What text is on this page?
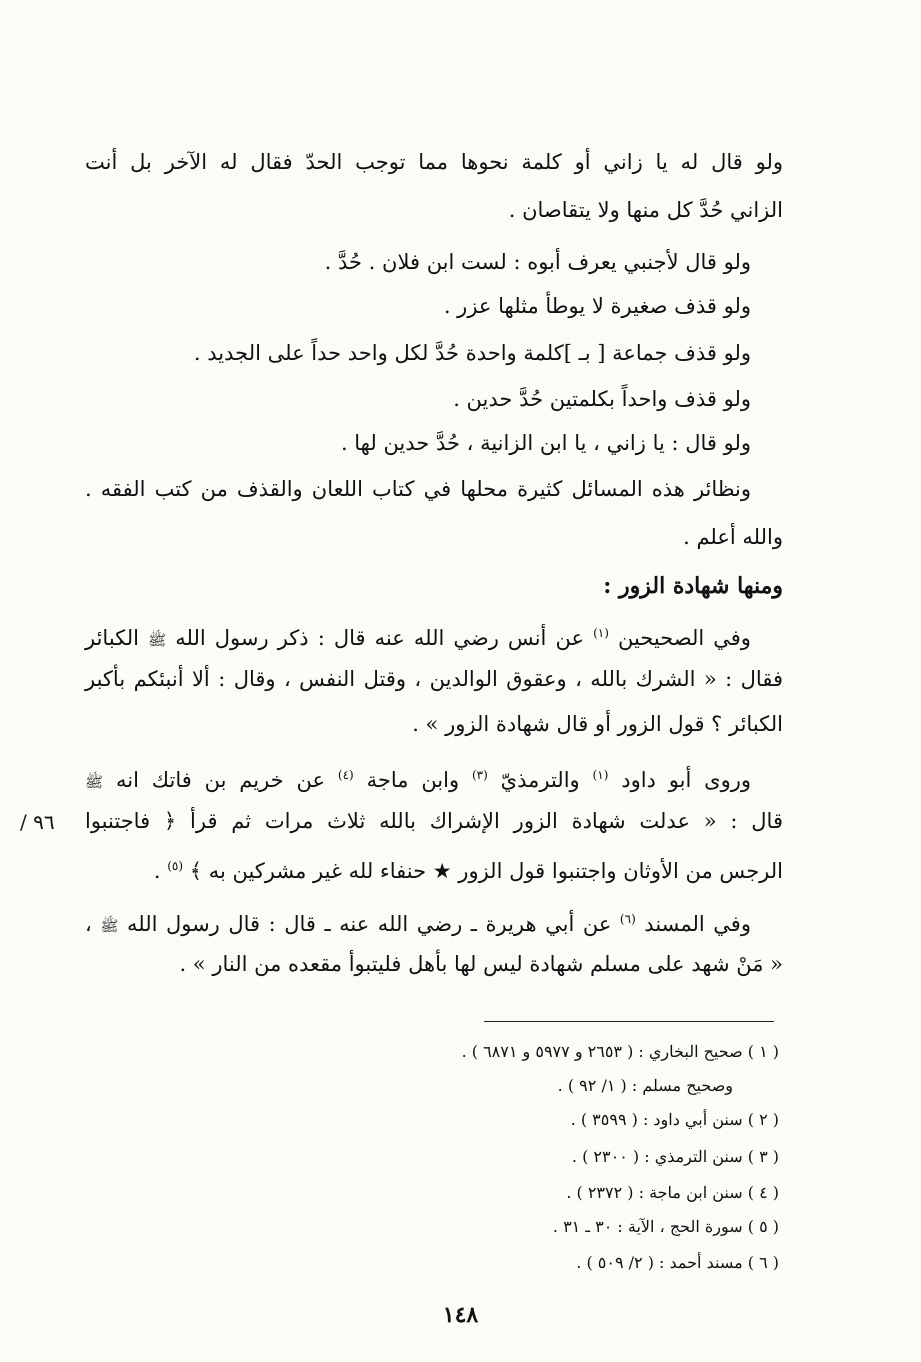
ولو قال له يا زاني أو كلمة نحوها مما توجب الحدّ فقال له الآخر بل أنت
الزاني حُدَّ كل منها ولا يتقاصان .
ولو قال لأجنبي يعرف أبوه : لست ابن فلان . حُدَّ .
ولو قذف صغيرة لا يوطأ مثلها عزر .
ولو قذف جماعة [ بـ ]كلمة واحدة حُدَّ لكل واحد حداً على الجديد .
ولو قذف واحداً بكلمتين حُدَّ حدين .
ولو قال : يا زاني ، يا ابن الزانية ، حُدَّ حدين لها .
ونظائر هذه المسائل كثيرة محلها في كتاب اللعان والقذف من كتب الفقه .
والله أعلم .
ومنها شهادة الزور :
وفي الصحيحين $^{(١)}$ عن أنس رضي الله عنه قال : ذكر رسول الله ﷺ الكبائر
فقال : « الشرك بالله ، وعقوق الوالدين ، وقتل النفس ، وقال : ألا أنبئكم بأكبر
الكبائر ؟ قول الزور أو قال شهادة الزور » .
وروى أبو داود $^{(١)}$ والترمذيّ $^{(٣)}$ وابن ماجة $^{(٤)}$ عن خريم بن فاتك انه ﷺ
قال : « عدلت شهادة الزور الإشراك بالله ثلاث مرات ثم قرأ ﴿ فاجتنبوا
٩٦ /
الرجس من الأوثان واجتنبوا قول الزور ★ حنفاء لله غير مشركين به ﴾ $^{(٥)}$ .
وفي المسند $^{(٦)}$ عن أبي هريرة ـ رضي الله عنه ـ قال : قال رسول الله ﷺ ،
« مَنْ شهد على مسلم شهادة ليس لها بأهل فليتبوأ مقعده من النار » .
( ١ ) صحيح البخاري : ( ٢٦٥٣ و ٥٩٧٧ و ٦٨٧١ ) .
وصحيح مسلم : ( ١/ ٩٢ ) .
( ٢ ) سنن أبي داود : ( ٣٥٩٩ ) .
( ٣ ) سنن الترمذي : ( ٢٣٠٠ ) .
( ٤ ) سنن ابن ماجة : ( ٢٣٧٢ ) .
( ٥ ) سورة الحج ، الآية : ٣٠ ـ ٣١ .
( ٦ ) مسند أحمد : ( ٢/ ٥٠٩ ) .
١٤٨
